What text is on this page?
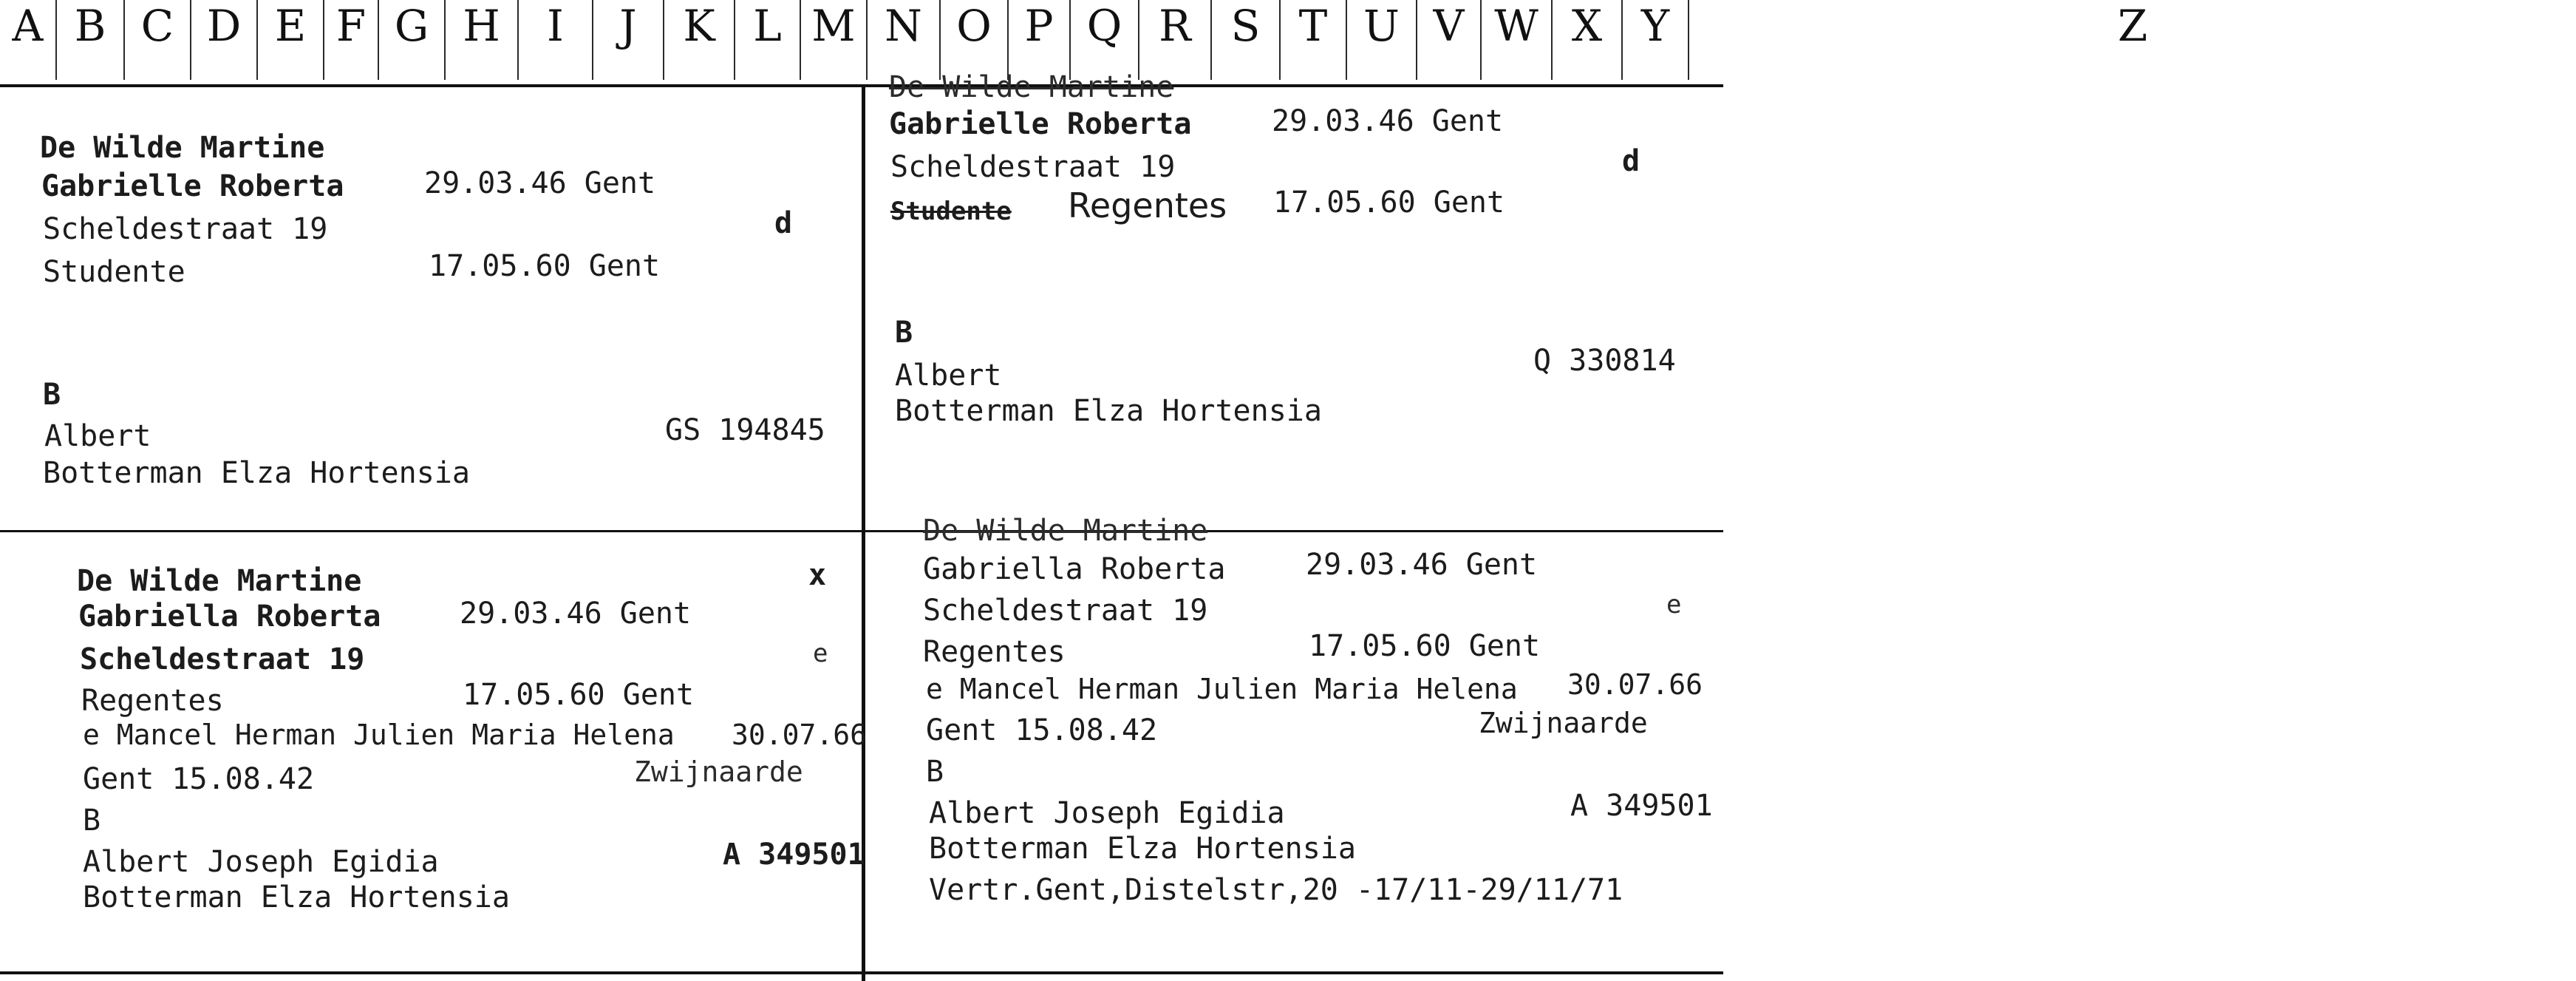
A B C D E F G H I J K L M N O P Q R S T U V W X Y	Z
De Wilde Martine
Gabrielle Roberta	29.03.46 Gent
Scheldestraat 19	d
Studente	17.05.60 Gent
B
Albert	GS 194845
Botterman Elza Hortensia
De Wilde Martine
Gabrielle Roberta	29.03.46 Gent
Scheldestraat 19	d
Studente Regentes 17.05.60 Gent
B
Albert	Q 330814
Botterman Elza Hortensia
De Wilde Martine	x
Gabriella Roberta	29.03.46 Gent
Scheldestraat 19	e
Regentes	17.05.60 Gent
e Mancel Herman Julien Maria Helena 30.07.66
Gent 15.08.42	Zwijnaarde
B
Albert Joseph Egidia	A 349501
Botterman Elza Hortensia
De Wilde Martine
Gabriella Roberta	29.03.46 Gent
Scheldestraat 19	e
Regentes	17.05.60 Gent
e Mancel Herman Julien Maria Helena 30.07.66
Gent 15.08.42	Zwijnaarde
B
Albert Joseph Egidia	A 349501
Botterman Elza Hortensia
Vertr.Gent,Distelstr,20 -17/11-29/11/71
